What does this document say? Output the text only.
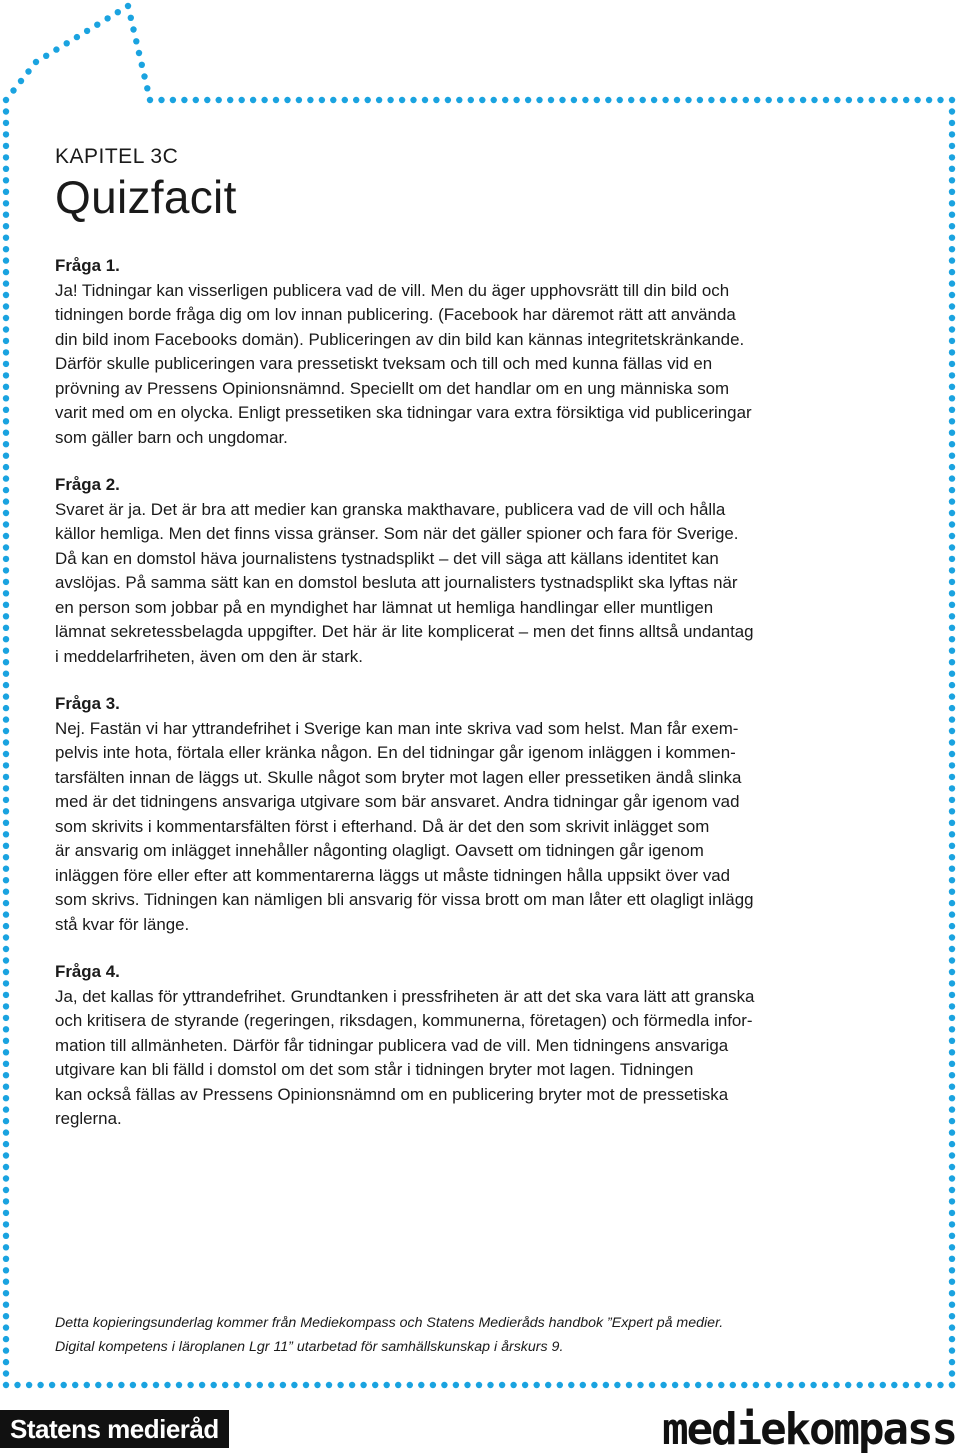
KAPITEL 3C
Quizfacit

Fråga 1.

Ja! Tidningar kan visserligen publicera vad de vill. Men du äger upphovsrätt till din bild och
tidningen borde fråga dig om lov innan publicering. (Facebook har däremot rätt att använda
din bild inom Facebooks domän). Publiceringen av din bild kan kännas integritetskränkande.
Därför skulle publiceringen vara pressetiskt tveksam och till och med kunna fällas vid en
prövning av Pressens Opinionsnämnd. Speciellt om det handlar om en ung människa som
varit med om en olycka. Enligt pressetiken ska tidningar vara extra försiktiga vid publiceringar
som gäller barn och ungdomar.

Fråga 2.

Svaret är ja. Det är bra att medier kan granska makthavare, publicera vad de vill och hålla
källor hemliga. Men det finns vissa gränser. Som när det gäller spioner och fara för Sverige.
Då kan en domstol häva journalistens tystnadsplikt – det vill säga att källans identitet kan
avslöjas. På samma sätt kan en domstol besluta att journalisters tystnadsplikt ska lyftas när
en person som jobbar på en myndighet har lämnat ut hemliga handlingar eller muntligen
lämnat sekretessbelagda uppgifter. Det här är lite komplicerat – men det finns alltså undantag
i meddelarfriheten, även om den är stark.

Fråga 3.

Nej. Fastän vi har yttrandefrihet i Sverige kan man inte skriva vad som helst. Man får exem-
pelvis inte hota, förtala eller kränka någon. En del tidningar går igenom inläggen i kommen-
tarsfälten innan de läggs ut. Skulle något som bryter mot lagen eller pressetiken ändå slinka
med är det tidningens ansvariga utgivare som bär ansvaret. Andra tidningar går igenom vad
som skrivits i kommentarsfälten först i efterhand. Då är det den som skrivit inlägget som
är ansvarig om inlägget innehåller någonting olagligt. Oavsett om tidningen går igenom
inläggen före eller efter att kommentarerna läggs ut måste tidningen hålla uppsikt över vad
som skrivs. Tidningen kan nämligen bli ansvarig för vissa brott om man låter ett olagligt inlägg
stå kvar för länge.

Fråga 4.

Ja, det kallas för yttrandefrihet. Grundtanken i pressfriheten är att det ska vara lätt att granska
och kritisera de styrande (regeringen, riksdagen, kommunerna, företagen) och förmedla infor-
mation till allmänheten. Därför får tidningar publicera vad de vill. Men tidningens ansvariga
utgivare kan bli fälld i domstol om det som står i tidningen bryter mot lagen. Tidningen
kan också fällas av Pressens Opinionsnämnd om en publicering bryter mot de pressetiska
reglerna.

Detta kopieringsunderlag kommer från Mediekompass och Statens Medieråds handbok ”Expert på medier.

Digital kompetens i läroplanen Lgr 11” utarbetad för samhällskunskap i årskurs 9.

Statens medieråd	mediekompass
